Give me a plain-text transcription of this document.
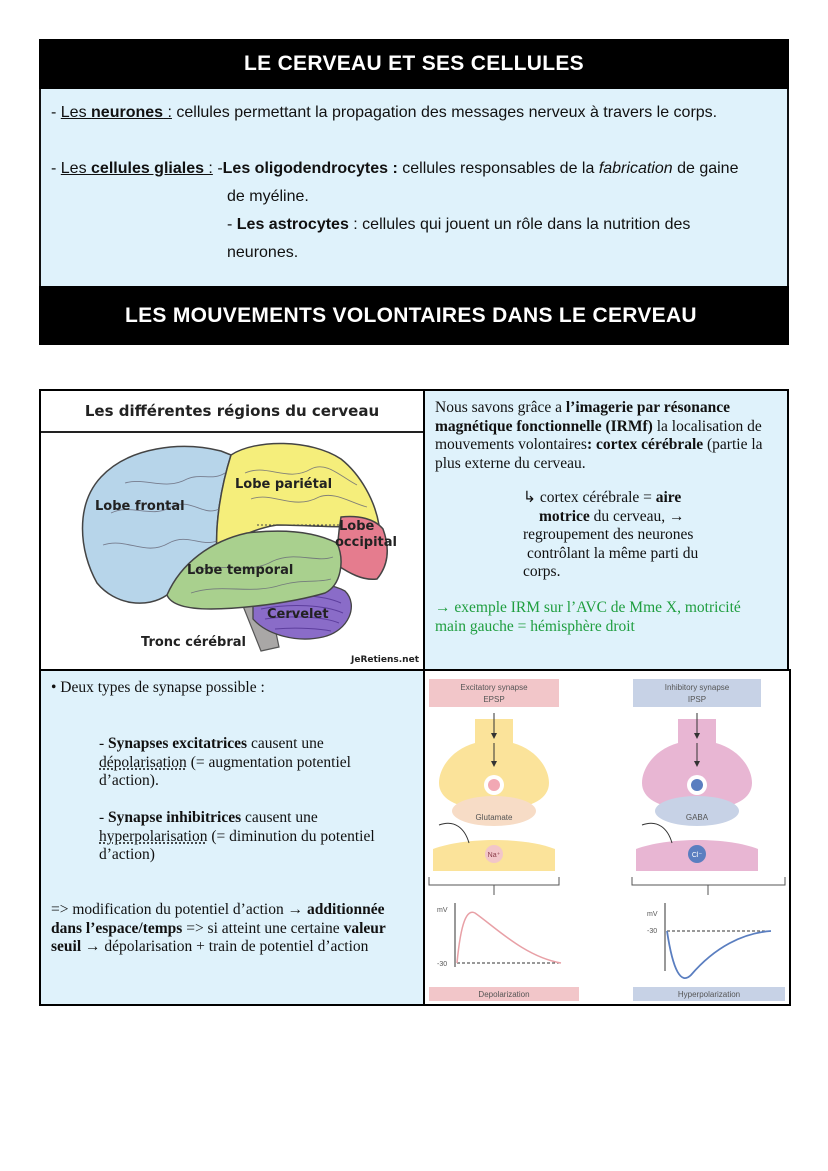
LE CERVEAU ET SES CELLULES
- Les neurones : cellules permettant la propagation des messages nerveux à travers le corps.
- Les cellules gliales : -Les oligodendrocytes : cellules responsables de la fabrication de gaine
de myéline.
- Les astrocytes : cellules qui jouent un rôle dans la nutrition des
neurones.
LES MOUVEMENTS VOLONTAIRES DANS LE CERVEAU
Les différentes régions du cerveau
Lobe frontal
Lobe pariétal
Lobe
occipital
Lobe temporal
Cervelet
Tronc cérébral
JeRetiens.net
Nous savons grâce a l’imagerie par résonance magnétique fonctionnelle (IRMf) la localisation de mouvements volontaires: cortex cérébrale (partie la plus externe du cerveau.
↳ cortex cérébrale = aire
motrice du cerveau, →
regroupement des neurones
contrôlant la même parti du
corps.
→ exemple IRM sur l’AVC de Mme X, motricité main gauche = hémisphère droit
• Deux types de synapse possible :
- Synapses excitatrices causent une
dépolarisation (= augmentation potentiel
d’action).
- Synapse inhibitrices causent une
hyperpolarisation (= diminution du potentiel
d’action)
=> modification du potentiel d’action → additionnée dans l’espace/temps => si atteint une certaine valeur seuil → dépolarisation + train de potentiel d’action
Excitatory synapse
EPSP
Glutamate
Na⁺
mV
-30
Depolarization
Inhibitory synapse
IPSP
GABA
Cl⁻
mV
-30
Hyperpolarization
